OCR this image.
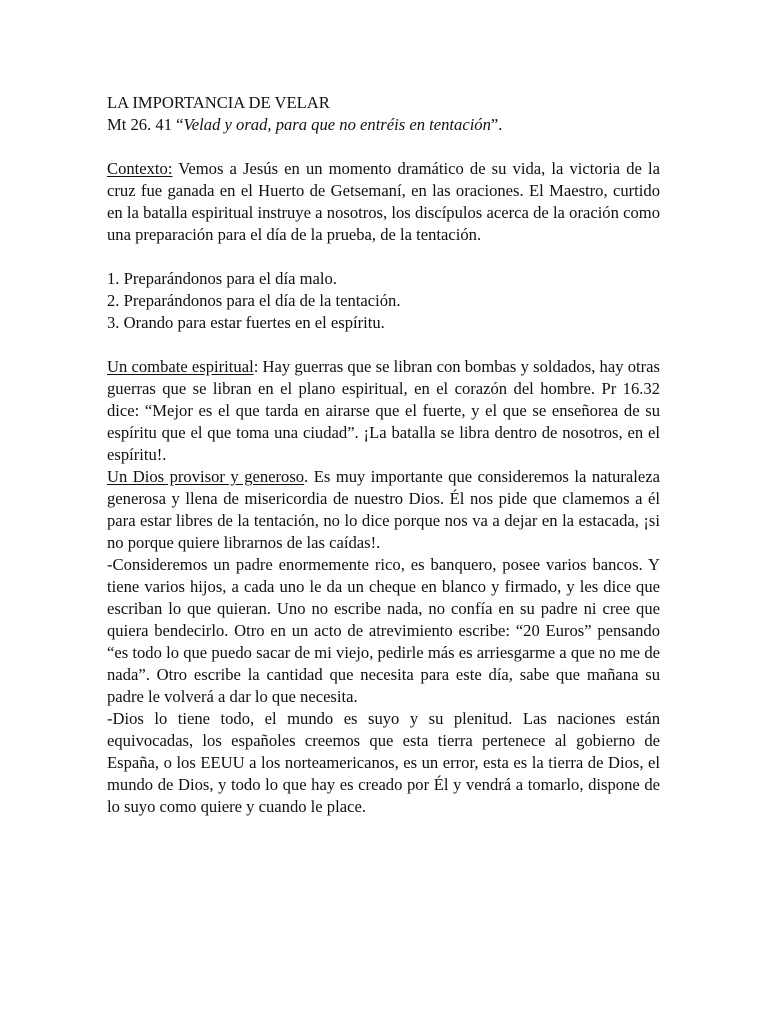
LA IMPORTANCIA DE VELAR

Mt 26. 41 “Velad y orad, para que no entréis en tentación”.

Contexto: Vemos a Jesús en un momento dramático de su vida, la victoria de la cruz fue ganada en el Huerto de Getsemaní, en las oraciones. El Maestro, curtido en la batalla espiritual instruye a nosotros, los discípulos acerca de la oración como una preparación para el día de la prueba, de la tentación.

1. Preparándonos para el día malo.

2. Preparándonos para el día de la tentación.

3. Orando para estar fuertes en el espíritu.

Un combate espiritual: Hay guerras que se libran con bombas y soldados, hay otras guerras que se libran en el plano espiritual, en el corazón del hombre. Pr 16.32 dice: “Mejor es el que tarda en airarse que el fuerte, y el que se enseñorea de su espíritu que el que toma una ciudad”. ¡La batalla se libra dentro de nosotros, en el espíritu!.

Un Dios provisor y generoso. Es muy importante que consideremos la naturaleza generosa y llena de misericordia de nuestro Dios. Él nos pide que clamemos a él para estar libres de la tentación, no lo dice porque nos va a dejar en la estacada, ¡si no porque quiere librarnos de las caídas!.

-Consideremos un padre enormemente rico, es banquero, posee varios bancos. Y tiene varios hijos, a cada uno le da un cheque en blanco y firmado, y les dice que escriban lo que quieran. Uno no escribe nada, no confía en su padre ni cree que quiera bendecirlo. Otro en un acto de atrevimiento escribe: “20 Euros” pensando “es todo lo que puedo sacar de mi viejo, pedirle más es arriesgarme a que no me de nada”. Otro escribe la cantidad que necesita para este día, sabe que mañana su padre le volverá a dar lo que necesita.

-Dios lo tiene todo, el mundo es suyo y su plenitud. Las naciones están equivocadas, los españoles creemos que esta tierra pertenece al gobierno de España, o los EEUU a los norteamericanos, es un error, esta es la tierra de Dios, el mundo de Dios, y todo lo que hay es creado por Él y vendrá a tomarlo, dispone de lo suyo como quiere y cuando le place.
